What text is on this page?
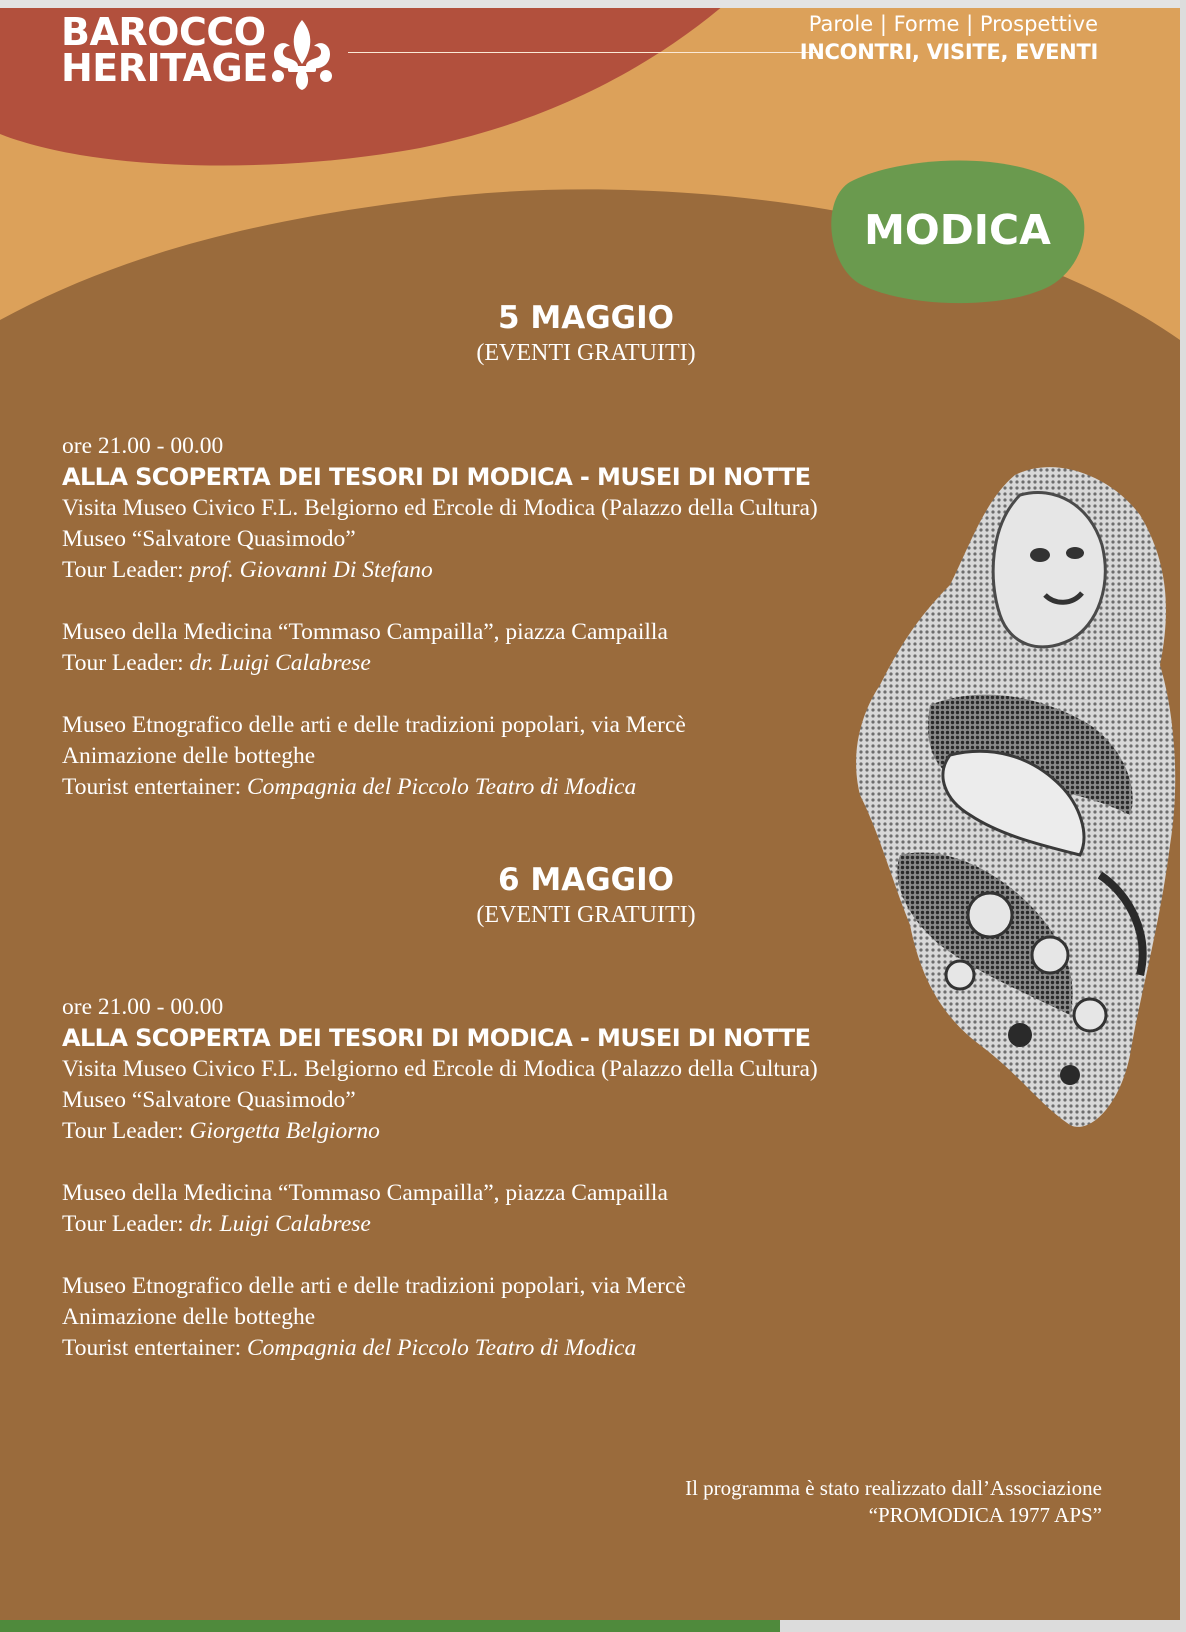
BAROCCO
HERITAGE
Parole | Forme | Prospettive
INCONTRI, VISITE, EVENTI
MODICA
5 MAGGIO
(EVENTI GRATUITI)
ore 21.00 - 00.00
ALLA SCOPERTA DEI TESORI DI MODICA - MUSEI DI NOTTE
Visita Museo Civico F.L. Belgiorno ed Ercole di Modica (Palazzo della Cultura)
Museo “Salvatore Quasimodo”
Tour Leader: prof. Giovanni Di Stefano
Museo della Medicina “Tommaso Campailla”, piazza Campailla
Tour Leader: dr. Luigi Calabrese
Museo Etnografico delle arti e delle tradizioni popolari, via Mercè
Animazione delle botteghe
Tourist entertainer: Compagnia del Piccolo Teatro di Modica
6 MAGGIO
(EVENTI GRATUITI)
ore 21.00 - 00.00
ALLA SCOPERTA DEI TESORI DI MODICA - MUSEI DI NOTTE
Visita Museo Civico F.L. Belgiorno ed Ercole di Modica (Palazzo della Cultura)
Museo “Salvatore Quasimodo”
Tour Leader: Giorgetta Belgiorno
Museo della Medicina “Tommaso Campailla”, piazza Campailla
Tour Leader: dr. Luigi Calabrese
Museo Etnografico delle arti e delle tradizioni popolari, via Mercè
Animazione delle botteghe
Tourist entertainer: Compagnia del Piccolo Teatro di Modica
Il programma è stato realizzato dall’Associazione
“PROMODICA 1977 APS”
